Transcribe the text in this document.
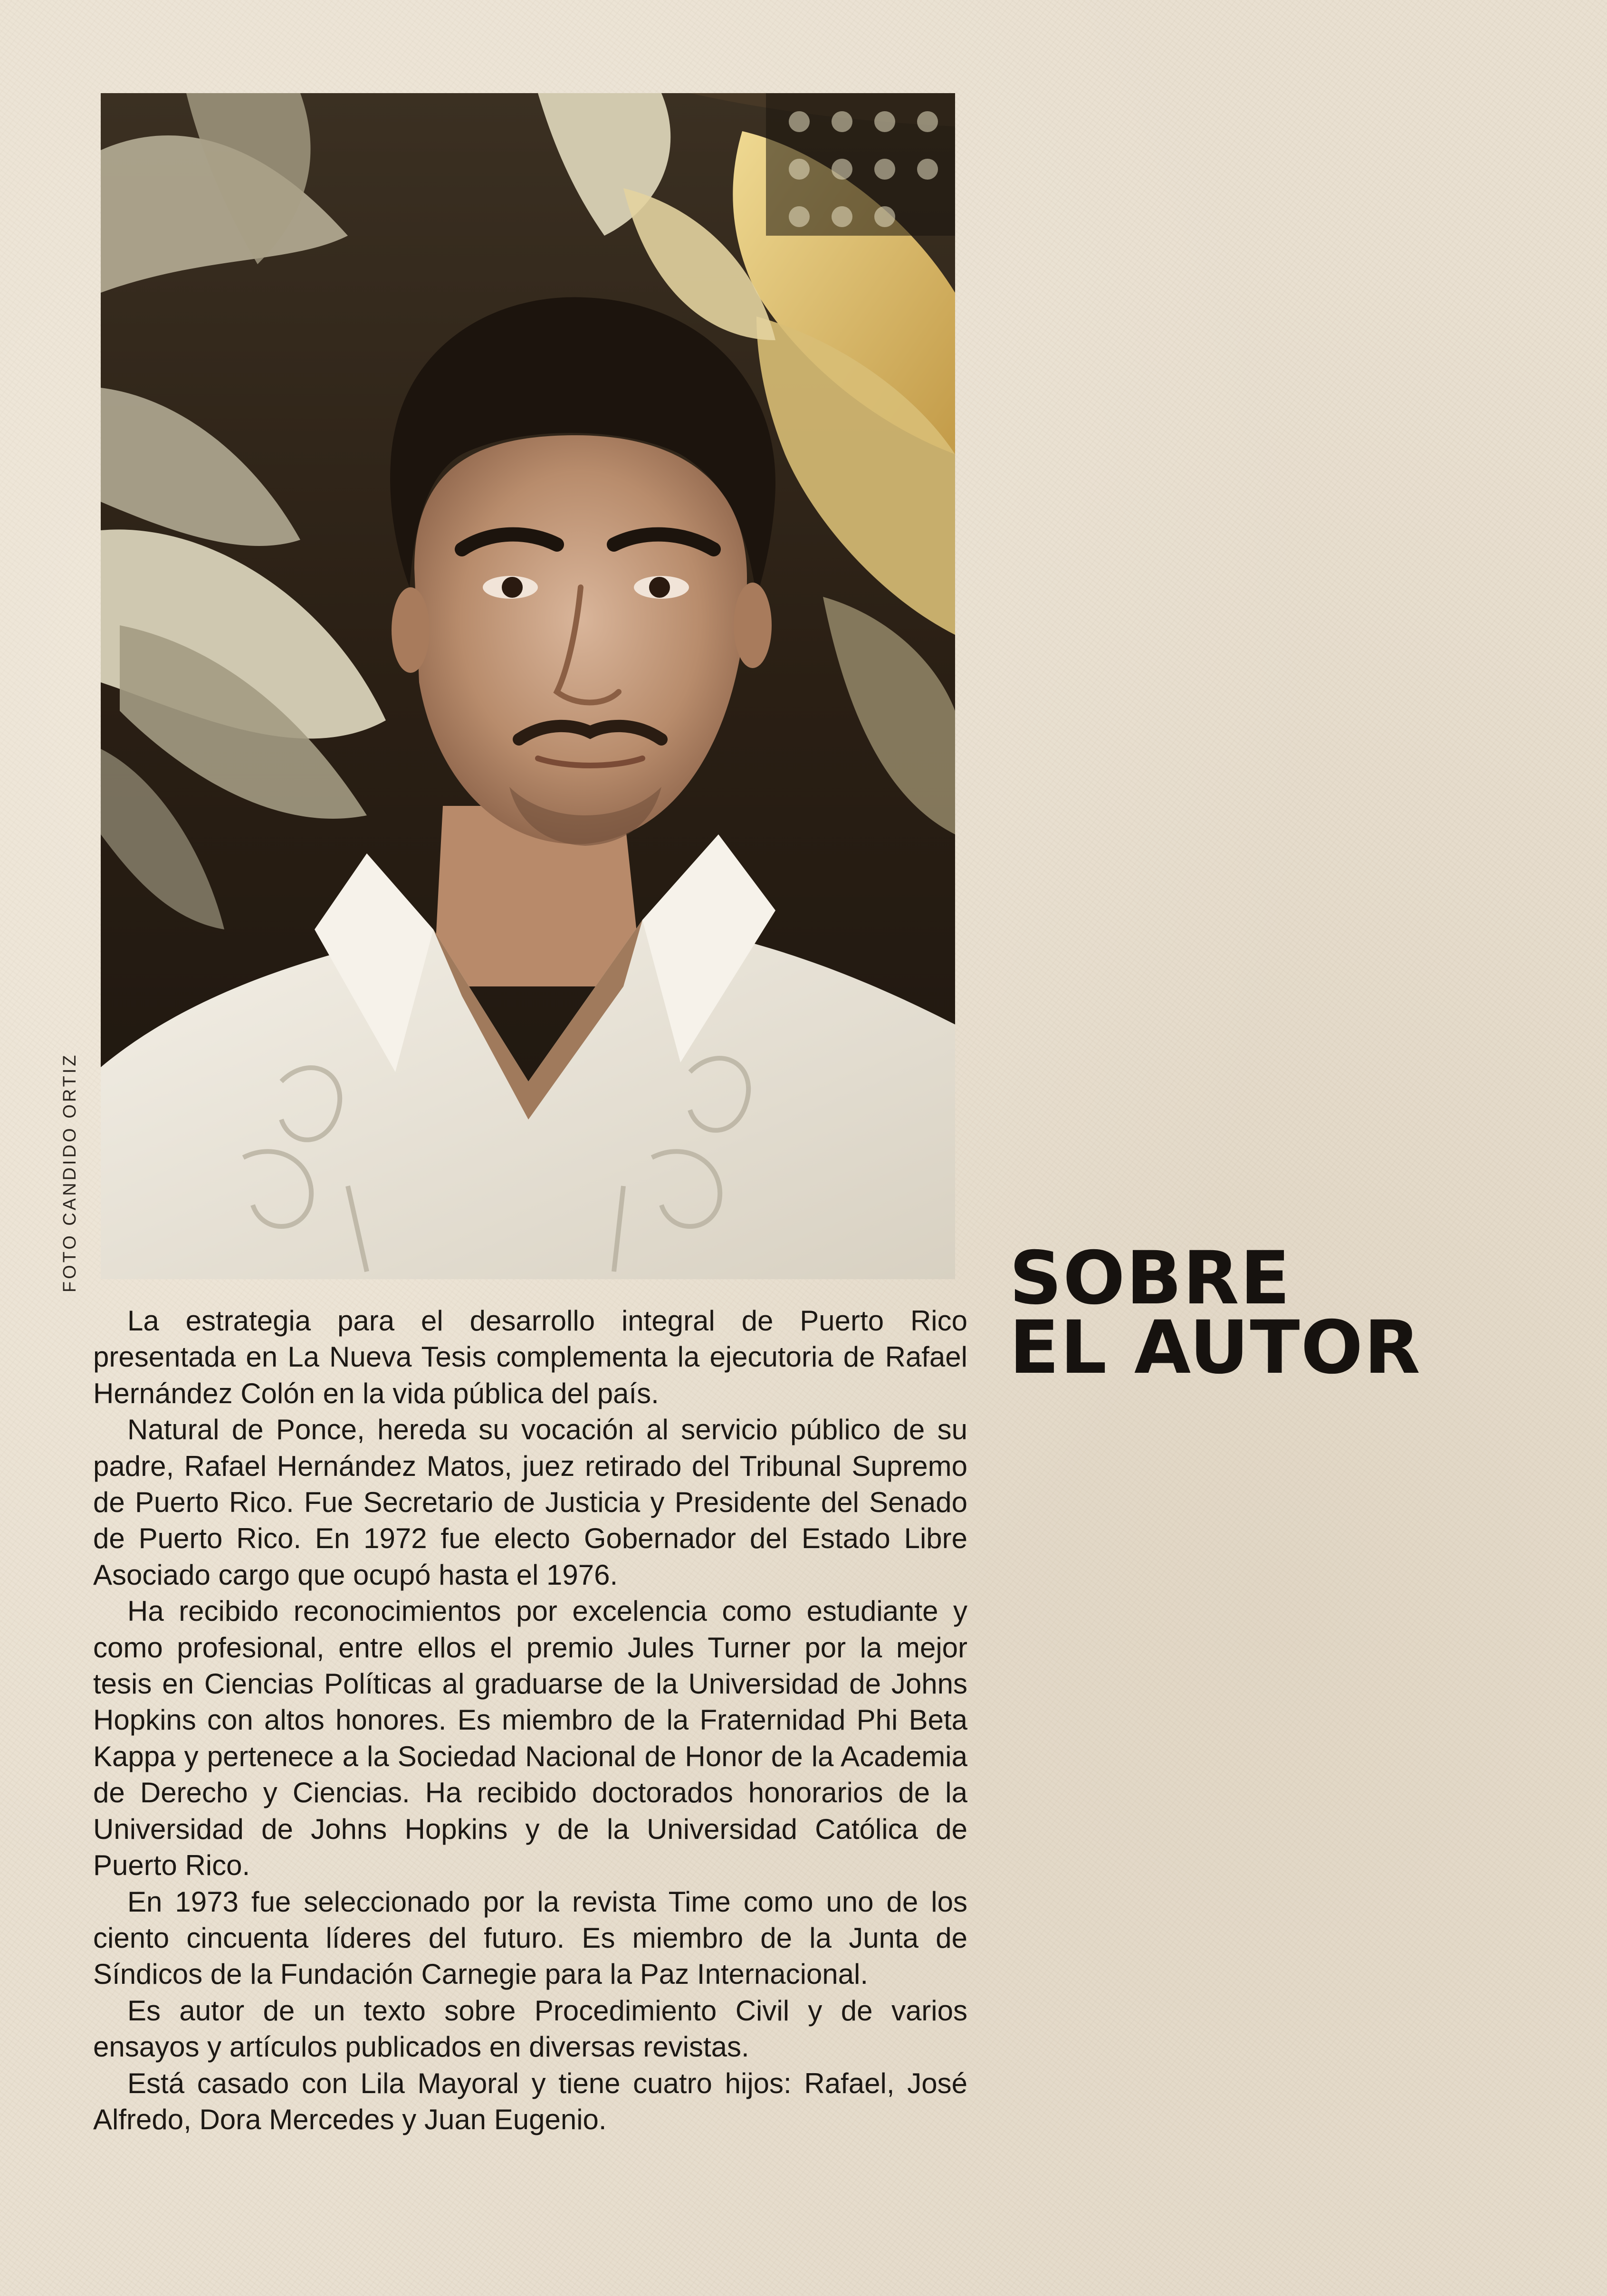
FOTO CANDIDO ORTIZ	SOBRE
EL AUTOR

La estrategia para el desarrollo integral de Puerto Rico presentada en La Nueva Tesis complementa la ejecutoria de Rafael Hernández Colón en la vida pública del país.

Natural de Ponce, hereda su vocación al servicio público de su padre, Rafael Hernández Matos, juez retirado del Tribunal Supremo de Puerto Rico. Fue Secretario de Justicia y Presidente del Senado de Puerto Rico. En 1972 fue electo Gobernador del Estado Libre Asociado cargo que ocupó hasta el 1976.

Ha recibido reconocimientos por excelencia como estudiante y como profesional, entre ellos el premio Jules Turner por la mejor tesis en Ciencias Políticas al graduarse de la Universidad de Johns Hopkins con altos honores. Es miembro de la Fraternidad Phi Beta Kappa y pertenece a la Sociedad Nacional de Honor de la Academia de Derecho y Ciencias. Ha recibido doctorados honorarios de la Universidad de Johns Hopkins y de la Universidad Católica de Puerto Rico.

En 1973 fue seleccionado por la revista Time como uno de los ciento cincuenta líderes del futuro. Es miembro de la Junta de Síndicos de la Fundación Carnegie para la Paz Internacional.

Es autor de un texto sobre Procedimiento Civil y de varios ensayos y artículos publicados en diversas revistas.

Está casado con Lila Mayoral y tiene cuatro hijos: Rafael, José Alfredo, Dora Mercedes y Juan Eugenio.
